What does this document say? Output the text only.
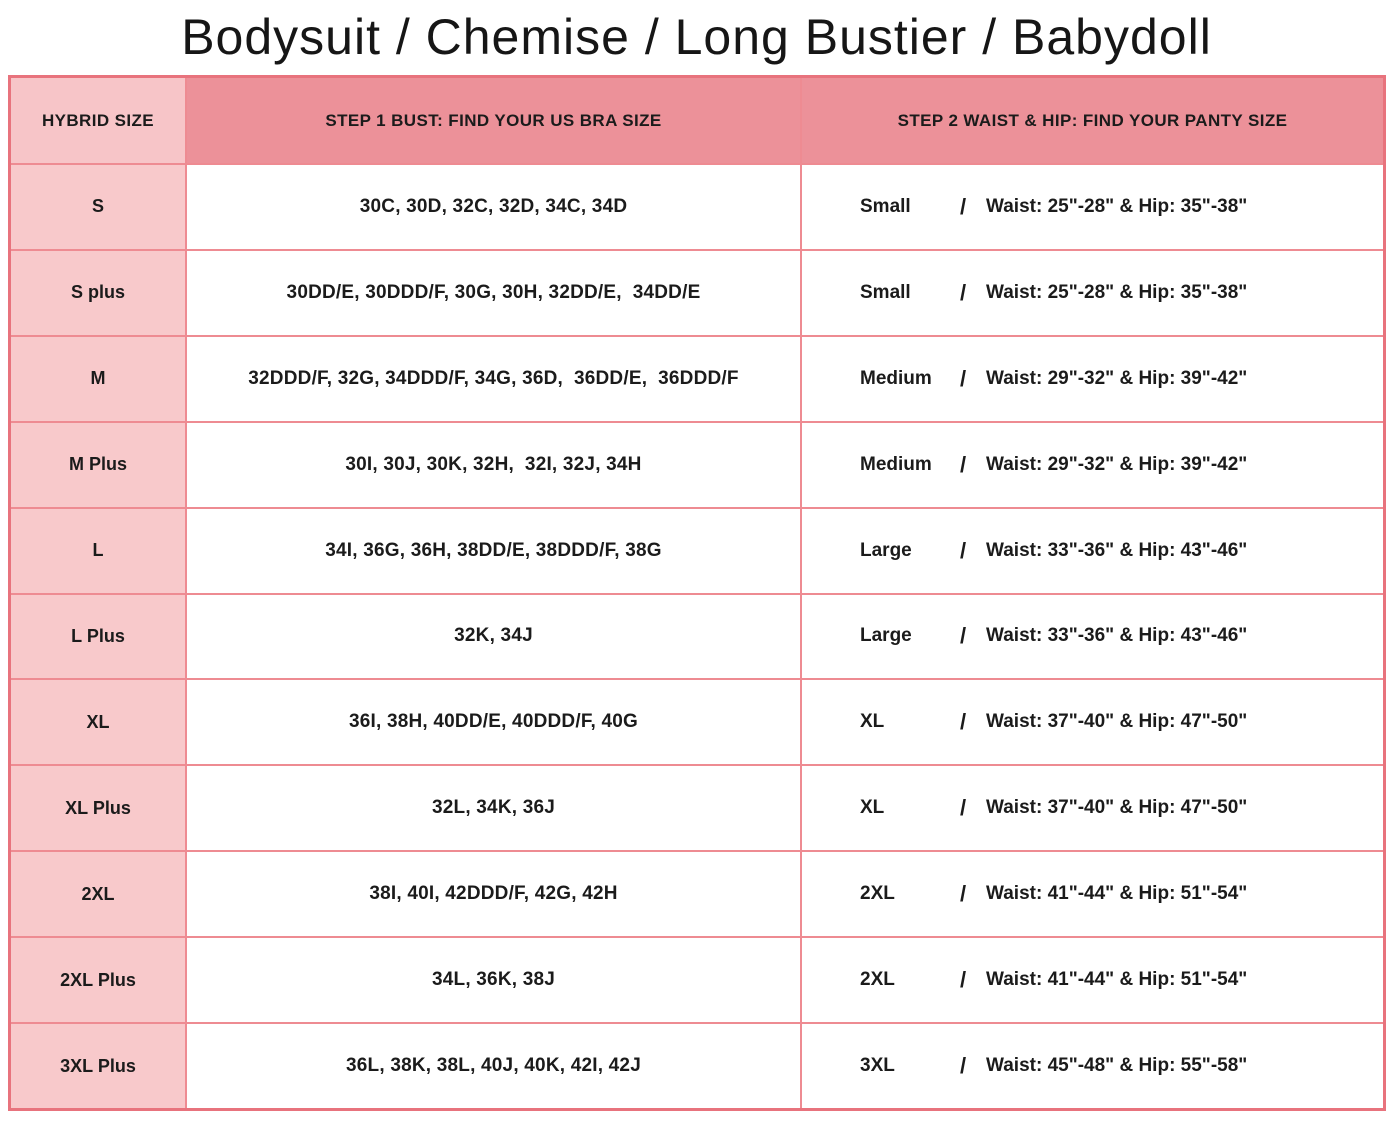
Bodysuit / Chemise / Long Bustier / Babydoll
HYBRID SIZE	STEP 1 BUST: FIND YOUR US BRA SIZE	STEP 2 WAIST & HIP: FIND YOUR PANTY SIZE
S	30C, 30D, 32C, 32D, 34C, 34D	Small	/	Waist: 25"-28" & Hip: 35"-38"
S plus	30DD/E, 30DDD/F, 30G, 30H, 32DD/E,  34DD/E	Small	/	Waist: 25"-28" & Hip: 35"-38"
M	32DDD/F, 32G, 34DDD/F, 34G, 36D,  36DD/E,  36DDD/F	Medium	/	Waist: 29"-32" & Hip: 39"-42"
M Plus	30I, 30J, 30K, 32H,  32I, 32J, 34H	Medium	/	Waist: 29"-32" & Hip: 39"-42"
L	34I, 36G, 36H, 38DD/E, 38DDD/F, 38G	Large	/	Waist: 33"-36" & Hip: 43"-46"
L Plus	32K, 34J	Large	/	Waist: 33"-36" & Hip: 43"-46"
XL	36I, 38H, 40DD/E, 40DDD/F, 40G	XL	/	Waist: 37"-40" & Hip: 47"-50"
XL Plus	32L, 34K, 36J	XL	/	Waist: 37"-40" & Hip: 47"-50"
2XL	38I, 40I, 42DDD/F, 42G, 42H	2XL	/	Waist: 41"-44" & Hip: 51"-54"
2XL Plus	34L, 36K, 38J	2XL	/	Waist: 41"-44" & Hip: 51"-54"
3XL Plus	36L, 38K, 38L, 40J, 40K, 42I, 42J	3XL	/	Waist: 45"-48" & Hip: 55"-58"
